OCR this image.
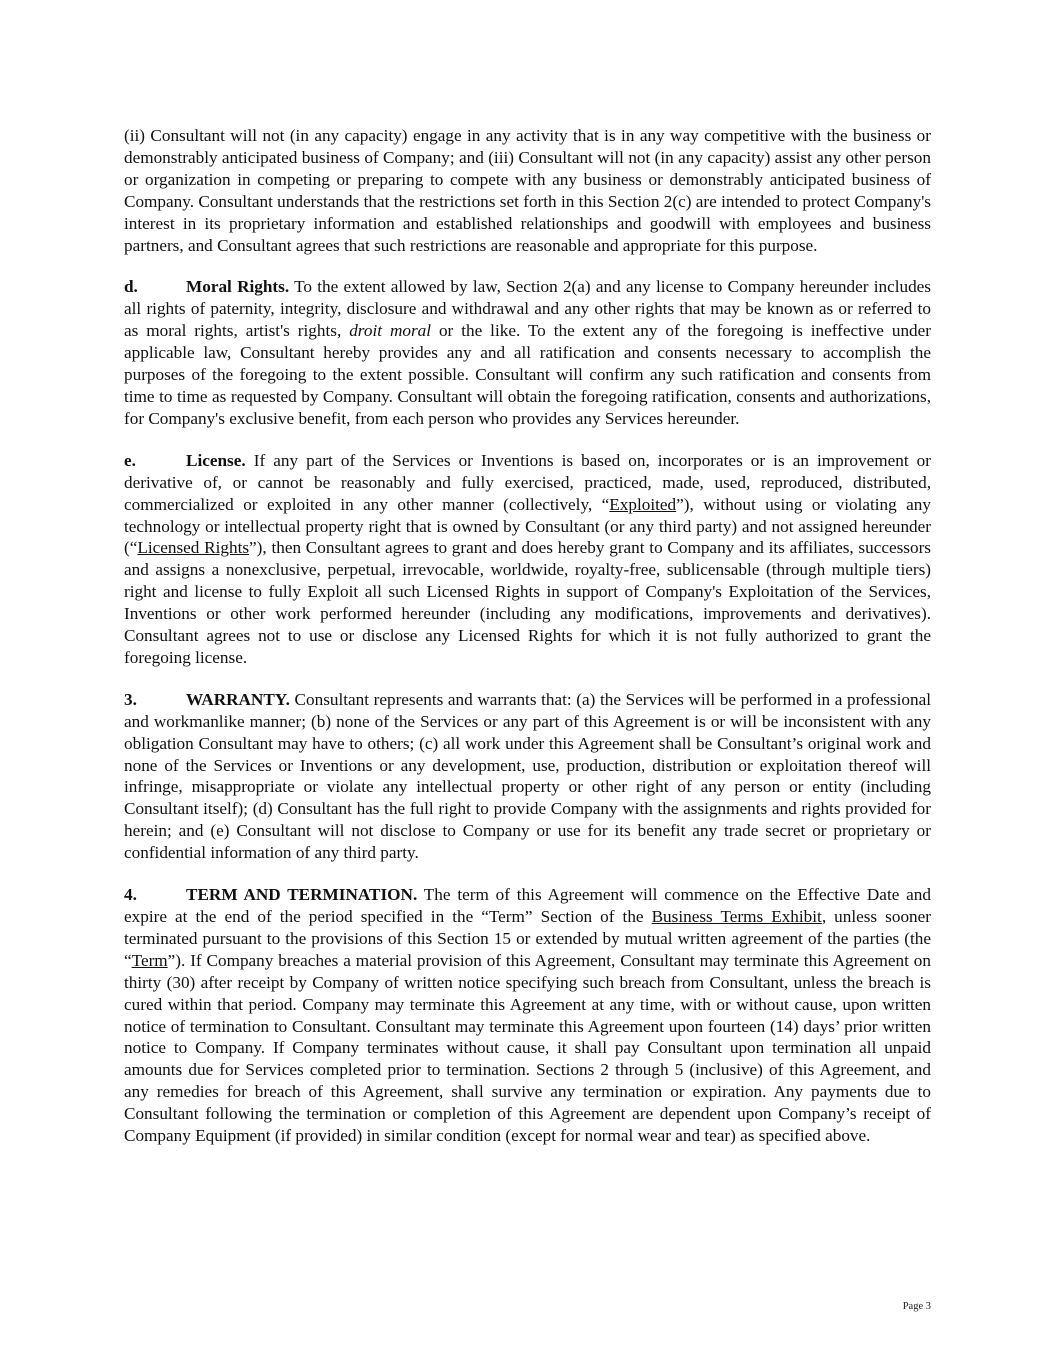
(ii) Consultant will not (in any capacity) engage in any activity that is in any way competitive with the business or demonstrably anticipated business of Company; and (iii) Consultant will not (in any capacity) assist any other person or organization in competing or preparing to compete with any business or demonstrably anticipated business of Company. Consultant understands that the restrictions set forth in this Section 2(c) are intended to protect Company's interest in its proprietary information and established relationships and goodwill with employees and business partners, and Consultant agrees that such restrictions are reasonable and appropriate for this purpose.

d.	Moral Rights. To the extent allowed by law, Section 2(a) and any license to Company hereunder includes all rights of paternity, integrity, disclosure and withdrawal and any other rights that may be known as or referred to as moral rights, artist's rights, droit moral or the like. To the extent any of the foregoing is ineffective under applicable law, Consultant hereby provides any and all ratification and consents necessary to accomplish the purposes of the foregoing to the extent possible. Consultant will confirm any such ratification and consents from time to time as requested by Company. Consultant will obtain the foregoing ratification, consents and authorizations, for Company's exclusive benefit, from each person who provides any Services hereunder.

e.	License. If any part of the Services or Inventions is based on, incorporates or is an improvement or derivative of, or cannot be reasonably and fully exercised, practiced, made, used, reproduced, distributed, commercialized or exploited in any other manner (collectively, “Exploited”), without using or violating any technology or intellectual property right that is owned by Consultant (or any third party) and not assigned hereunder (“Licensed Rights”), then Consultant agrees to grant and does hereby grant to Company and its affiliates, successors and assigns a nonexclusive, perpetual, irrevocable, worldwide, royalty-free, sublicensable (through multiple tiers) right and license to fully Exploit all such Licensed Rights in support of Company's Exploitation of the Services, Inventions or other work performed hereunder (including any modifications, improvements and derivatives). Consultant agrees not to use or disclose any Licensed Rights for which it is not fully authorized to grant the foregoing license.

3.	WARRANTY. Consultant represents and warrants that: (a) the Services will be performed in a professional and workmanlike manner; (b) none of the Services or any part of this Agreement is or will be inconsistent with any obligation Consultant may have to others; (c) all work under this Agreement shall be Consultant’s original work and none of the Services or Inventions or any development, use, production, distribution or exploitation thereof will infringe, misappropriate or violate any intellectual property or other right of any person or entity (including Consultant itself); (d) Consultant has the full right to provide Company with the assignments and rights provided for herein; and (e) Consultant will not disclose to Company or use for its benefit any trade secret or proprietary or confidential information of any third party.

4.	TERM AND TERMINATION. The term of this Agreement will commence on the Effective Date and expire at the end of the period specified in the “Term” Section of the Business Terms Exhibit, unless sooner terminated pursuant to the provisions of this Section 15 or extended by mutual written agreement of the parties (the “Term”). If Company breaches a material provision of this Agreement, Consultant may terminate this Agreement on thirty (30) after receipt by Company of written notice specifying such breach from Consultant, unless the breach is cured within that period. Company may terminate this Agreement at any time, with or without cause, upon written notice of termination to Consultant. Consultant may terminate this Agreement upon fourteen (14) days’ prior written notice to Company. If Company terminates without cause, it shall pay Consultant upon termination all unpaid amounts due for Services completed prior to termination. Sections 2 through 5 (inclusive) of this Agreement, and any remedies for breach of this Agreement, shall survive any termination or expiration. Any payments due to Consultant following the termination or completion of this Agreement are dependent upon Company’s receipt of Company Equipment (if provided) in similar condition (except for normal wear and tear) as specified above.

Page 3
